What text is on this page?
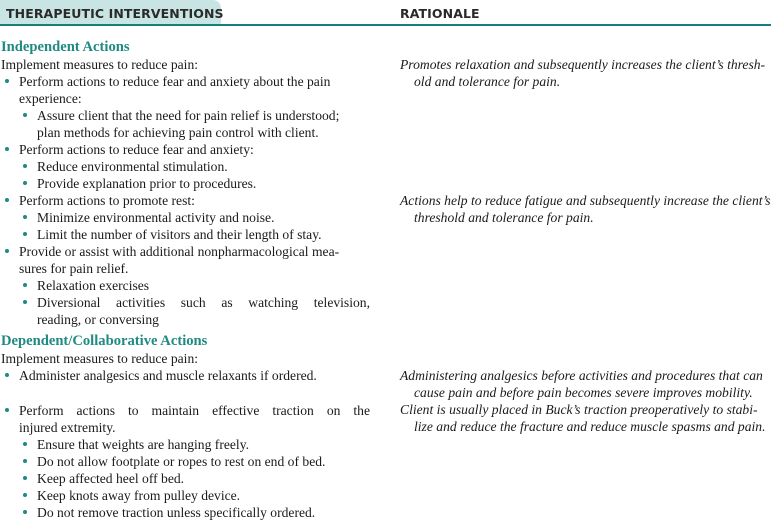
THERAPEUTIC INTERVENTIONS	RATIONALE
Independent Actions
Implement measures to reduce pain:
Perform actions to reduce fear and anxiety about the pain
experience:
Assure client that the need for pain relief is understood;
plan methods for achieving pain control with client.
Perform actions to reduce fear and anxiety:
Reduce environmental stimulation.
Provide explanation prior to procedures.
Perform actions to promote rest:
Minimize environmental activity and noise.
Limit the number of visitors and their length of stay.
Provide or assist with additional nonpharmacological mea-
sures for pain relief.
Relaxation exercises
Diversional activities such as watching television,
reading, or conversing
Promotes relaxation and subsequently increases the client’s thresh-
old and tolerance for pain.
Actions help to reduce fatigue and subsequently increase the client’s
threshold and tolerance for pain.
Dependent/Collaborative Actions
Implement measures to reduce pain:
Administer analgesics and muscle relaxants if ordered.
Perform actions to maintain effective traction on the
injured extremity.
Ensure that weights are hanging freely.
Do not allow footplate or ropes to rest on end of bed.
Keep affected heel off bed.
Keep knots away from pulley device.
Do not remove traction unless specifically ordered.
Administering analgesics before activities and procedures that can
cause pain and before pain becomes severe improves mobility.
Client is usually placed in Buck’s traction preoperatively to stabi-
lize and reduce the fracture and reduce muscle spasms and pain.
